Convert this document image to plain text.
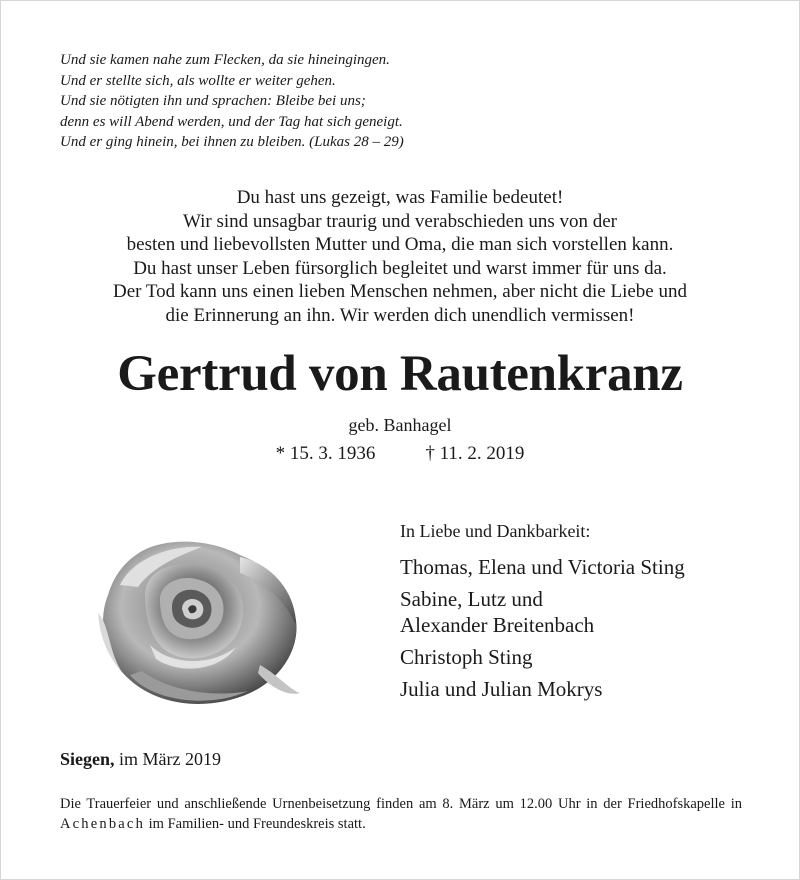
Und sie kamen nahe zum Flecken, da sie hineingingen.
Und er stellte sich, als wollte er weiter gehen.
Und sie nötigten ihn und sprachen: Bleibe bei uns;
denn es will Abend werden, und der Tag hat sich geneigt.
Und er ging hinein, bei ihnen zu bleiben. (Lukas 28 – 29)
Du hast uns gezeigt, was Familie bedeutet!
Wir sind unsagbar traurig und verabschieden uns von der
besten und liebevollsten Mutter und Oma, die man sich vorstellen kann.
Du hast unser Leben fürsorglich begleitet und warst immer für uns da.
Der Tod kann uns einen lieben Menschen nehmen, aber nicht die Liebe und
die Erinnerung an ihn. Wir werden dich unendlich vermissen!
Gertrud von Rautenkranz
geb. Banhagel
* 15. 3. 1936	† 11. 2. 2019
In Liebe und Dankbarkeit:
Thomas, Elena und Victoria Sting
Sabine, Lutz und
Alexander Breitenbach
Christoph Sting
Julia und Julian Mokrys
Siegen, im März 2019
Die Trauerfeier und anschließende Urnenbeisetzung finden am 8. März um 12.00 Uhr in der Friedhofskapelle in Achenbach im Familien- und Freundeskreis statt.
